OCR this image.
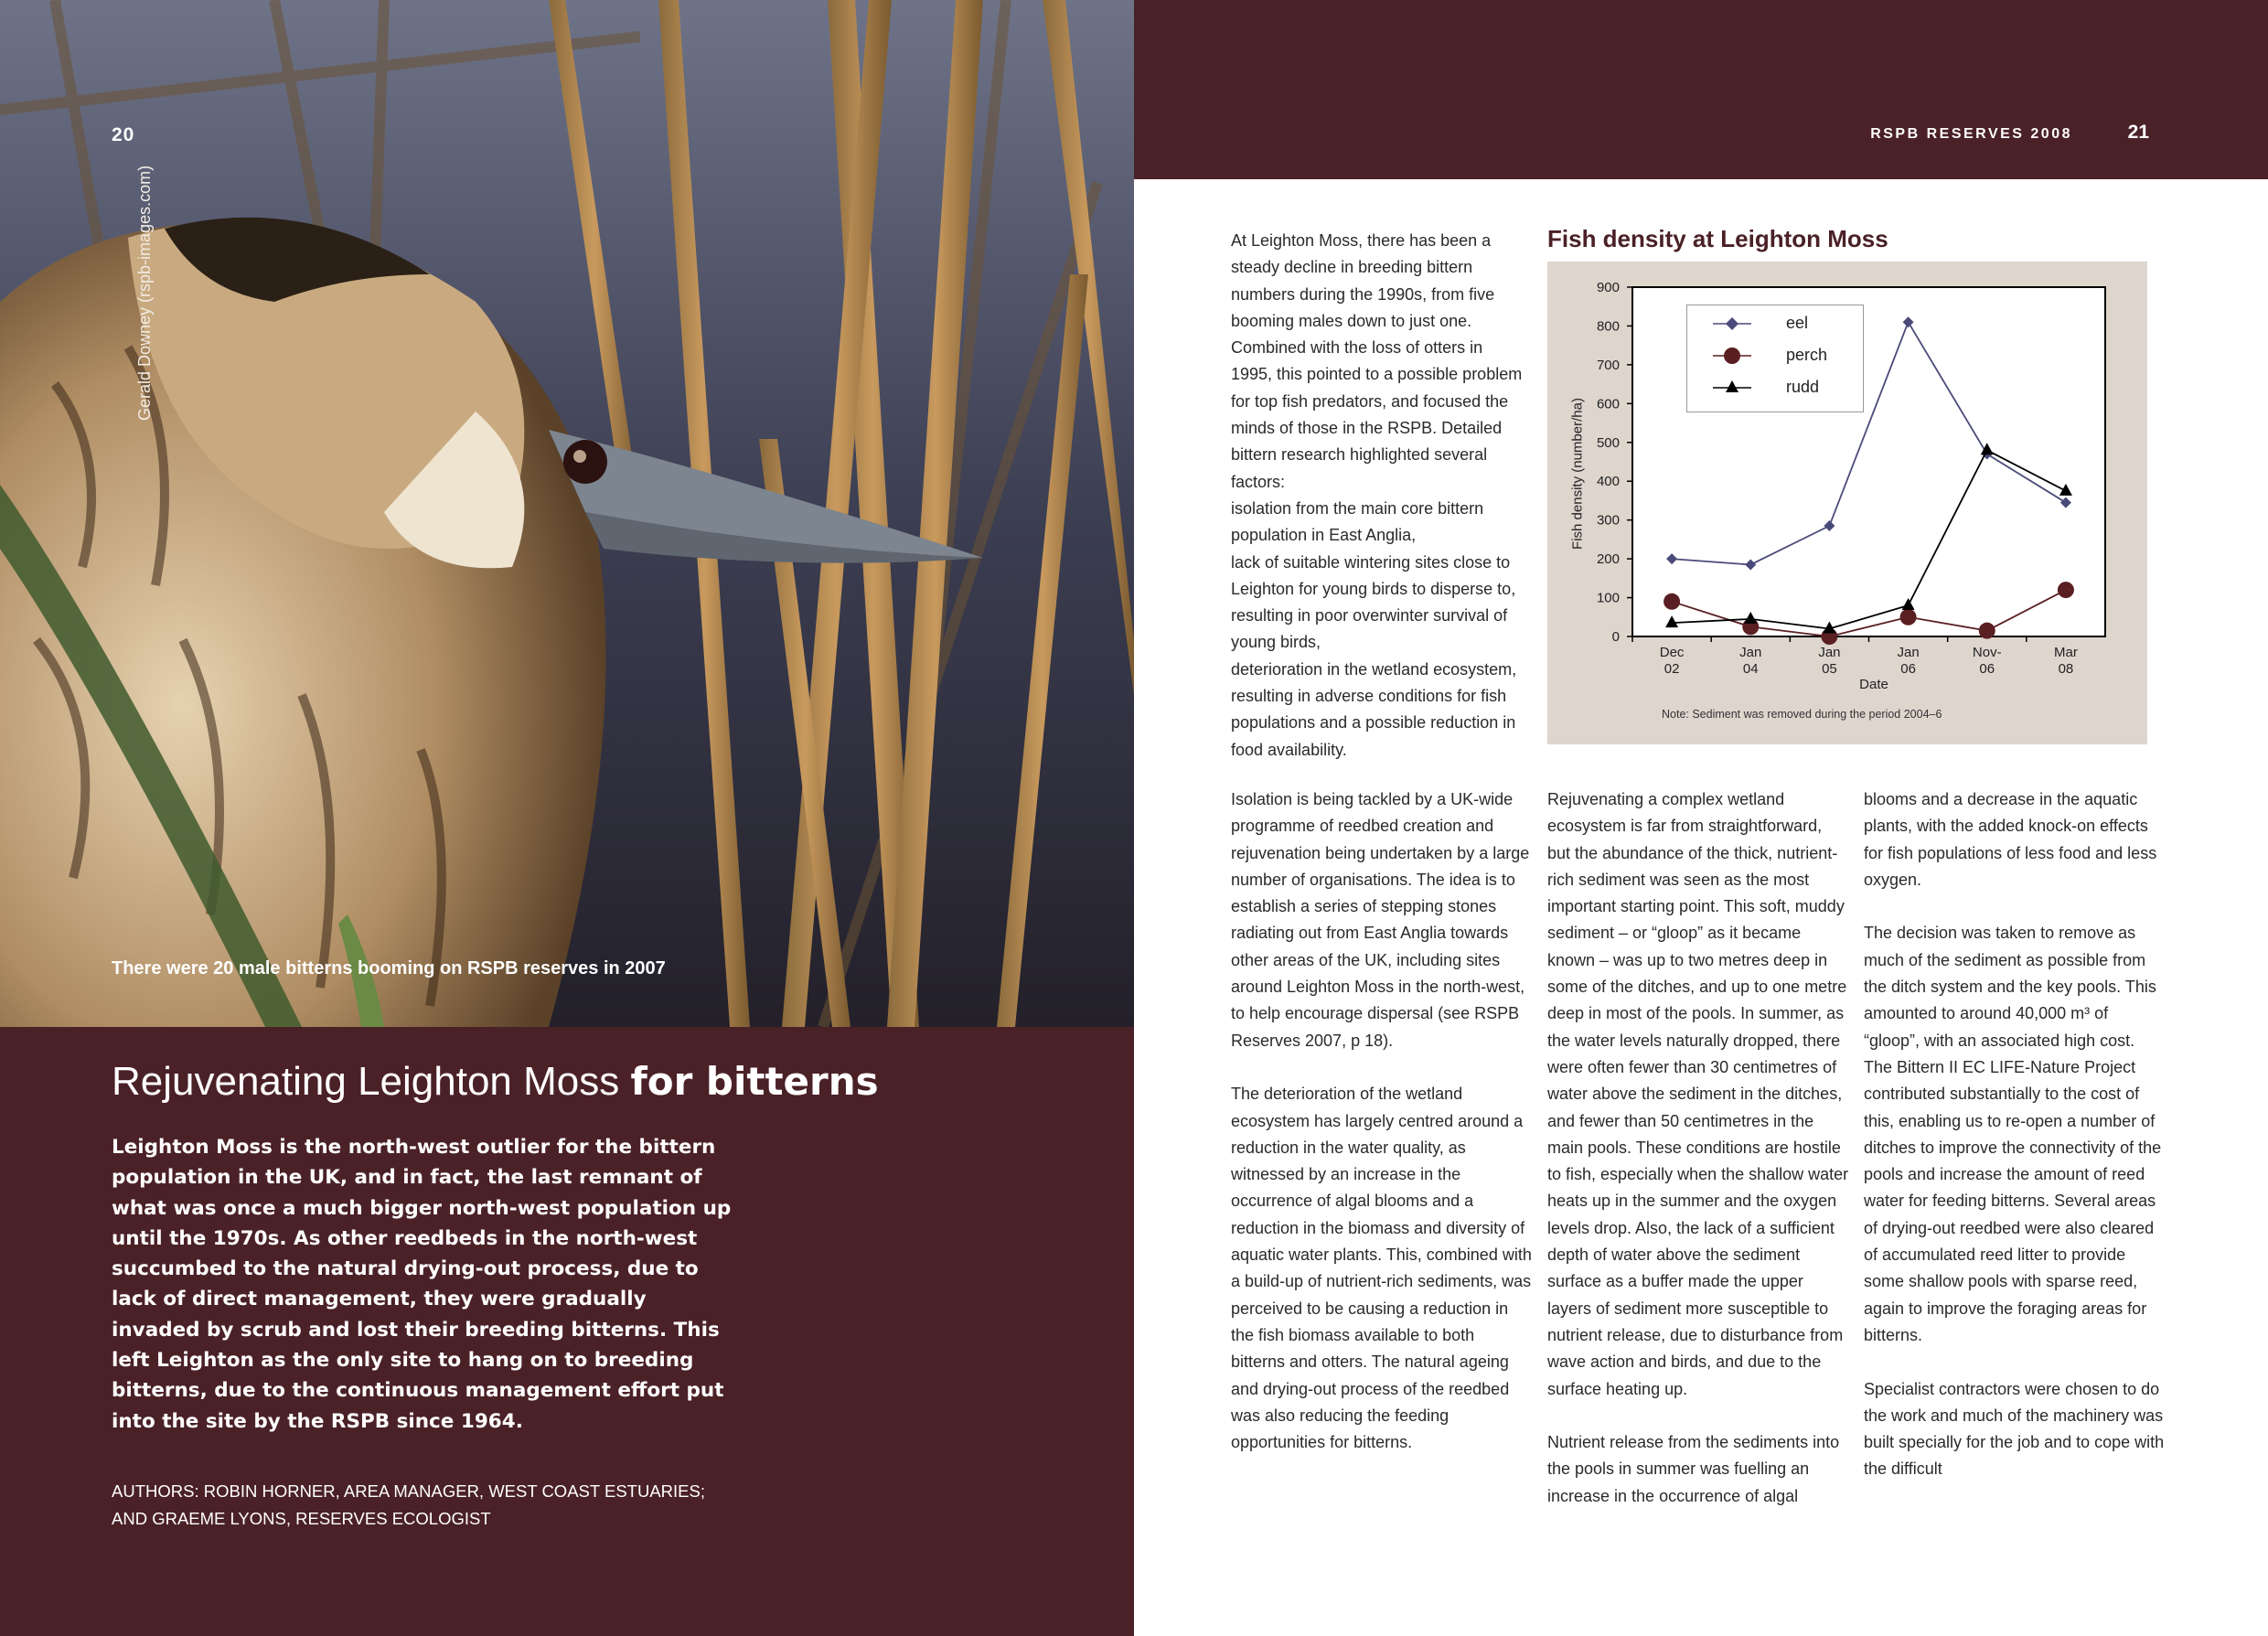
20
Gerald Downey (rspb-images.com)
There were 20 male bitterns booming on RSPB reserves in 2007
Rejuvenating Leighton Moss for bitterns

Leighton Moss is the north-west outlier for the bittern population in the UK, and in fact, the last remnant of what was once a much bigger north-west population up until the 1970s. As other reedbeds in the north-west succumbed to the natural drying-out process, due to lack of direct management, they were gradually invaded by scrub and lost their breeding bitterns. This left Leighton as the only site to hang on to breeding bitterns, due to the continuous management effort put into the site by the RSPB since 1964.

AUTHORS: ROBIN HORNER, AREA MANAGER, WEST COAST ESTUARIES;
AND GRAEME LYONS, RESERVES ECOLOGIST

RSPB RESERVES 2008	21
At Leighton Moss, there has been a steady decline in breeding bittern numbers during the 1990s, from five booming males down to just one. Combined with the loss of otters in 1995, this pointed to a possible problem for top fish predators, and focused the minds of those in the RSPB. Detailed bittern research highlighted several factors:
isolation from the main core bittern population in East Anglia,
lack of suitable wintering sites close to Leighton for young birds to disperse to, resulting in poor overwinter survival of young birds,
deterioration in the wetland ecosystem, resulting in adverse conditions for fish populations and a possible reduction in food availability.
Fish density at Leighton Moss
0
100
200
300
400
500
600
700
800
900
Dec
02
Jan
04
Jan
05
Jan
06
Nov-
06
Mar
08
Fish density (number/ha)
Date
eel
perch
rudd
Note: Sediment was removed during the period 2004–6

Isolation is being tackled by a UK-wide programme of reedbed creation and rejuvenation being undertaken by a large number of organisations. The idea is to establish a series of stepping stones radiating out from East Anglia towards other areas of the UK, including sites around Leighton Moss in the north-west, to help encourage dispersal (see RSPB Reserves 2007, p 18).

The deterioration of the wetland ecosystem has largely centred around a reduction in the water quality, as witnessed by an increase in the occurrence of algal blooms and a reduction in the biomass and diversity of aquatic water plants. This, combined with a build-up of nutrient-rich sediments, was perceived to be causing a reduction in the fish biomass available to both bitterns and otters. The natural ageing and drying-out process of the reedbed was also reducing the feeding opportunities for bitterns.

Rejuvenating a complex wetland ecosystem is far from straightforward, but the abundance of the thick, nutrient-rich sediment was seen as the most important starting point. This soft, muddy sediment – or “gloop” as it became known – was up to two metres deep in some of the ditches, and up to one metre deep in most of the pools. In summer, as the water levels naturally dropped, there were often fewer than 30 centimetres of water above the sediment in the ditches, and fewer than 50 centimetres in the main pools. These conditions are hostile to fish, especially when the shallow water heats up in the summer and the oxygen levels drop. Also, the lack of a sufficient depth of water above the sediment surface as a buffer made the upper layers of sediment more susceptible to nutrient release, due to disturbance from wave action and birds, and due to the surface heating up.

Nutrient release from the sediments into the pools in summer was fuelling an increase in the occurrence of algal

blooms and a decrease in the aquatic plants, with the added knock-on effects for fish populations of less food and less oxygen.

The decision was taken to remove as much of the sediment as possible from the ditch system and the key pools. This amounted to around 40,000 m³ of “gloop”, with an associated high cost. The Bittern II EC LIFE-Nature Project contributed substantially to the cost of this, enabling us to re-open a number of ditches to improve the connectivity of the pools and increase the amount of reed water for feeding bitterns. Several areas of drying-out reedbed were also cleared of accumulated reed litter to provide some shallow pools with sparse reed, again to improve the foraging areas for bitterns.

Specialist contractors were chosen to do the work and much of the machinery was built specially for the job and to cope with the difficult
